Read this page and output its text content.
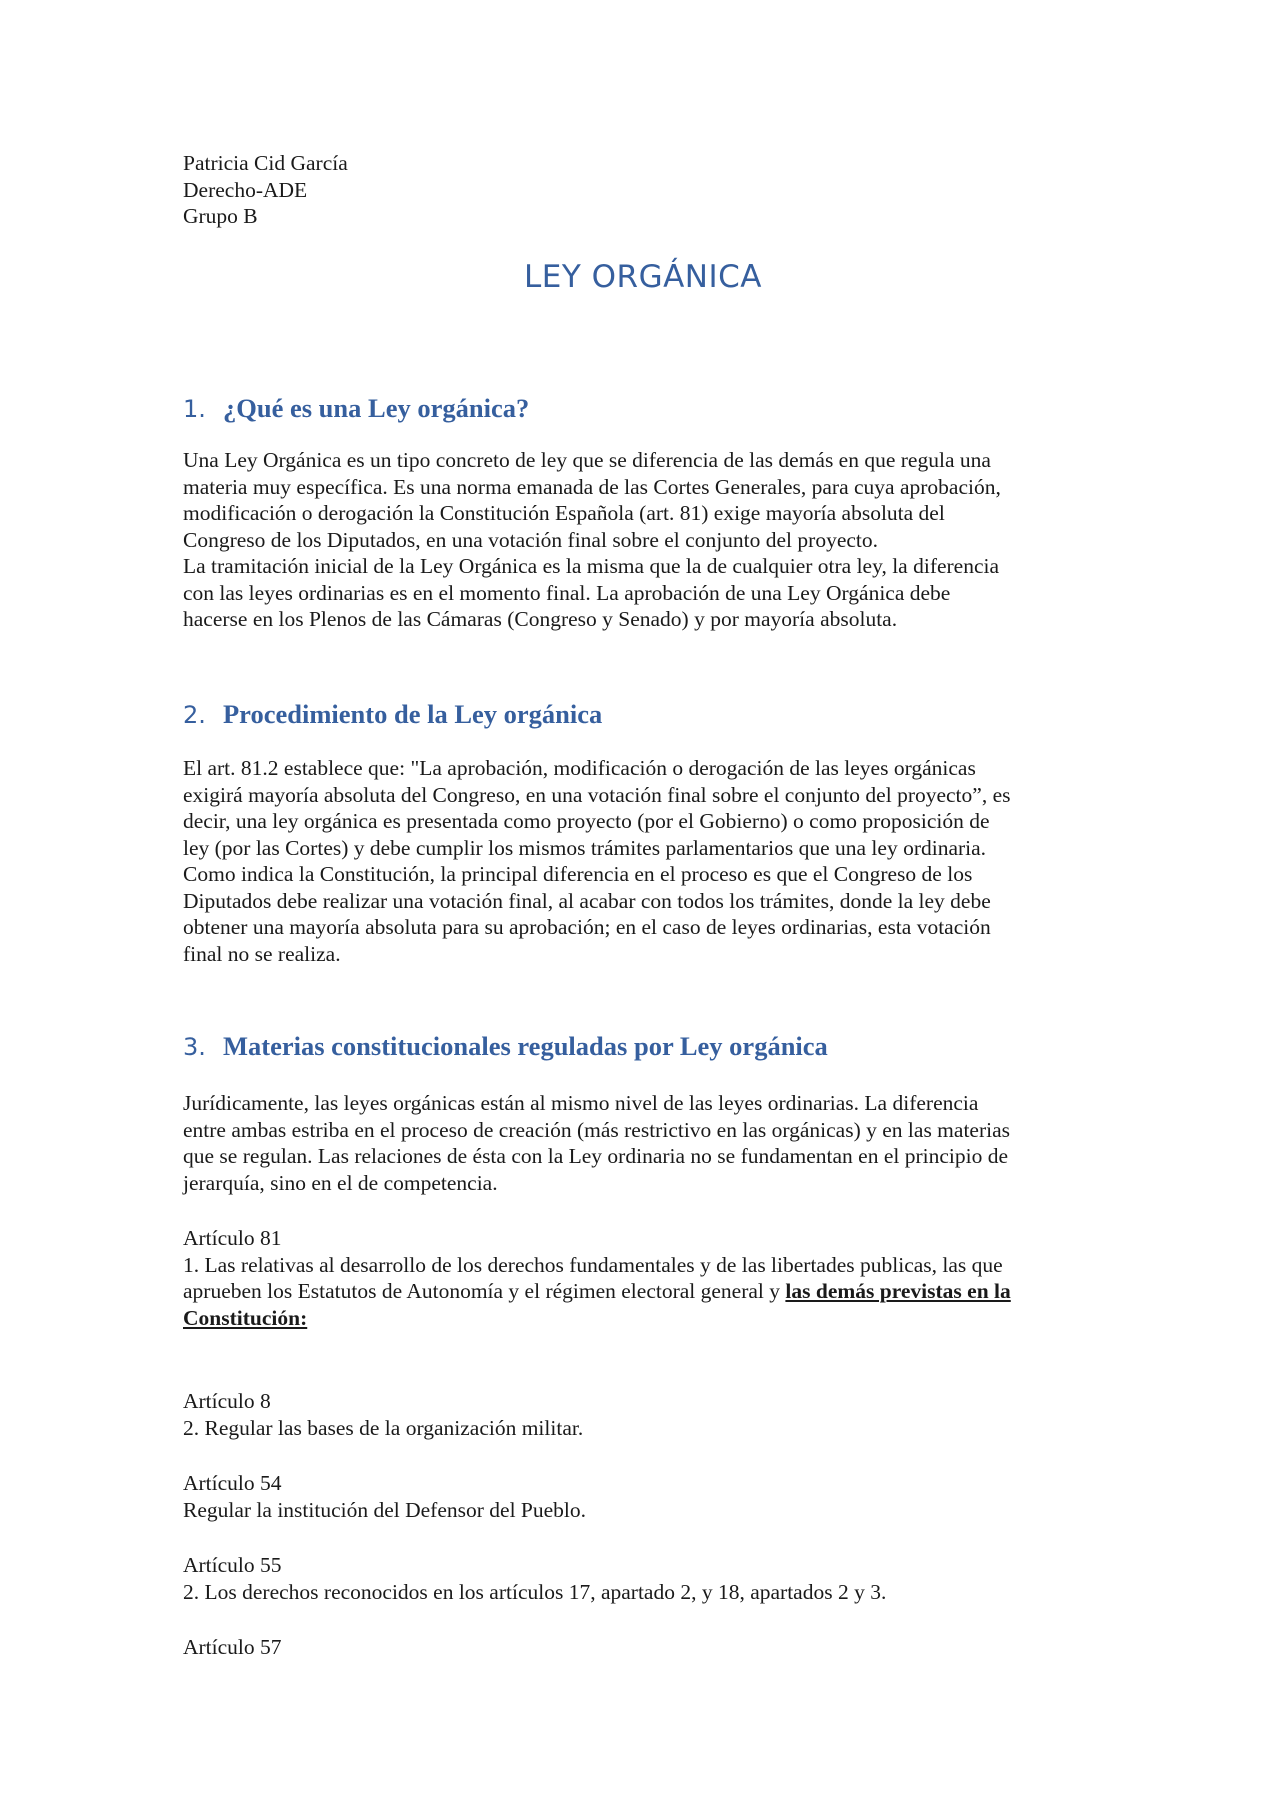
Patricia Cid García
Derecho-ADE
Grupo B
LEY ORGÁNICA
1. ¿Qué es una Ley orgánica?
Una Ley Orgánica es un tipo concreto de ley que se diferencia de las demás en que regula una
materia muy específica. Es una norma emanada de las Cortes Generales, para cuya aprobación,
modificación o derogación la Constitución Española (art. 81) exige mayoría absoluta del
Congreso de los Diputados, en una votación final sobre el conjunto del proyecto.
La tramitación inicial de la Ley Orgánica es la misma que la de cualquier otra ley, la diferencia
con las leyes ordinarias es en el momento final. La aprobación de una Ley Orgánica debe
hacerse en los Plenos de las Cámaras (Congreso y Senado) y por mayoría absoluta.
2. Procedimiento de la Ley orgánica
El art. 81.2 establece que: "La aprobación, modificación o derogación de las leyes orgánicas
exigirá mayoría absoluta del Congreso, en una votación final sobre el conjunto del proyecto”, es
decir, una ley orgánica es presentada como proyecto (por el Gobierno) o como proposición de
ley (por las Cortes) y debe cumplir los mismos trámites parlamentarios que una ley ordinaria.
Como indica la Constitución, la principal diferencia en el proceso es que el Congreso de los
Diputados debe realizar una votación final, al acabar con todos los trámites, donde la ley debe
obtener una mayoría absoluta para su aprobación; en el caso de leyes ordinarias, esta votación
final no se realiza.
3. Materias constitucionales reguladas por Ley orgánica
Jurídicamente, las leyes orgánicas están al mismo nivel de las leyes ordinarias. La diferencia
entre ambas estriba en el proceso de creación (más restrictivo en las orgánicas) y en las materias
que se regulan. Las relaciones de ésta con la Ley ordinaria no se fundamentan en el principio de
jerarquía, sino en el de competencia.
Artículo 81
1. Las relativas al desarrollo de los derechos fundamentales y de las libertades publicas, las que
aprueben los Estatutos de Autonomía y el régimen electoral general y las demás previstas en la
Constitución:
Artículo 8
2. Regular las bases de la organización militar.
Artículo 54
Regular la institución del Defensor del Pueblo.
Artículo 55
2. Los derechos reconocidos en los artículos 17, apartado 2, y 18, apartados 2 y 3.
Artículo 57
